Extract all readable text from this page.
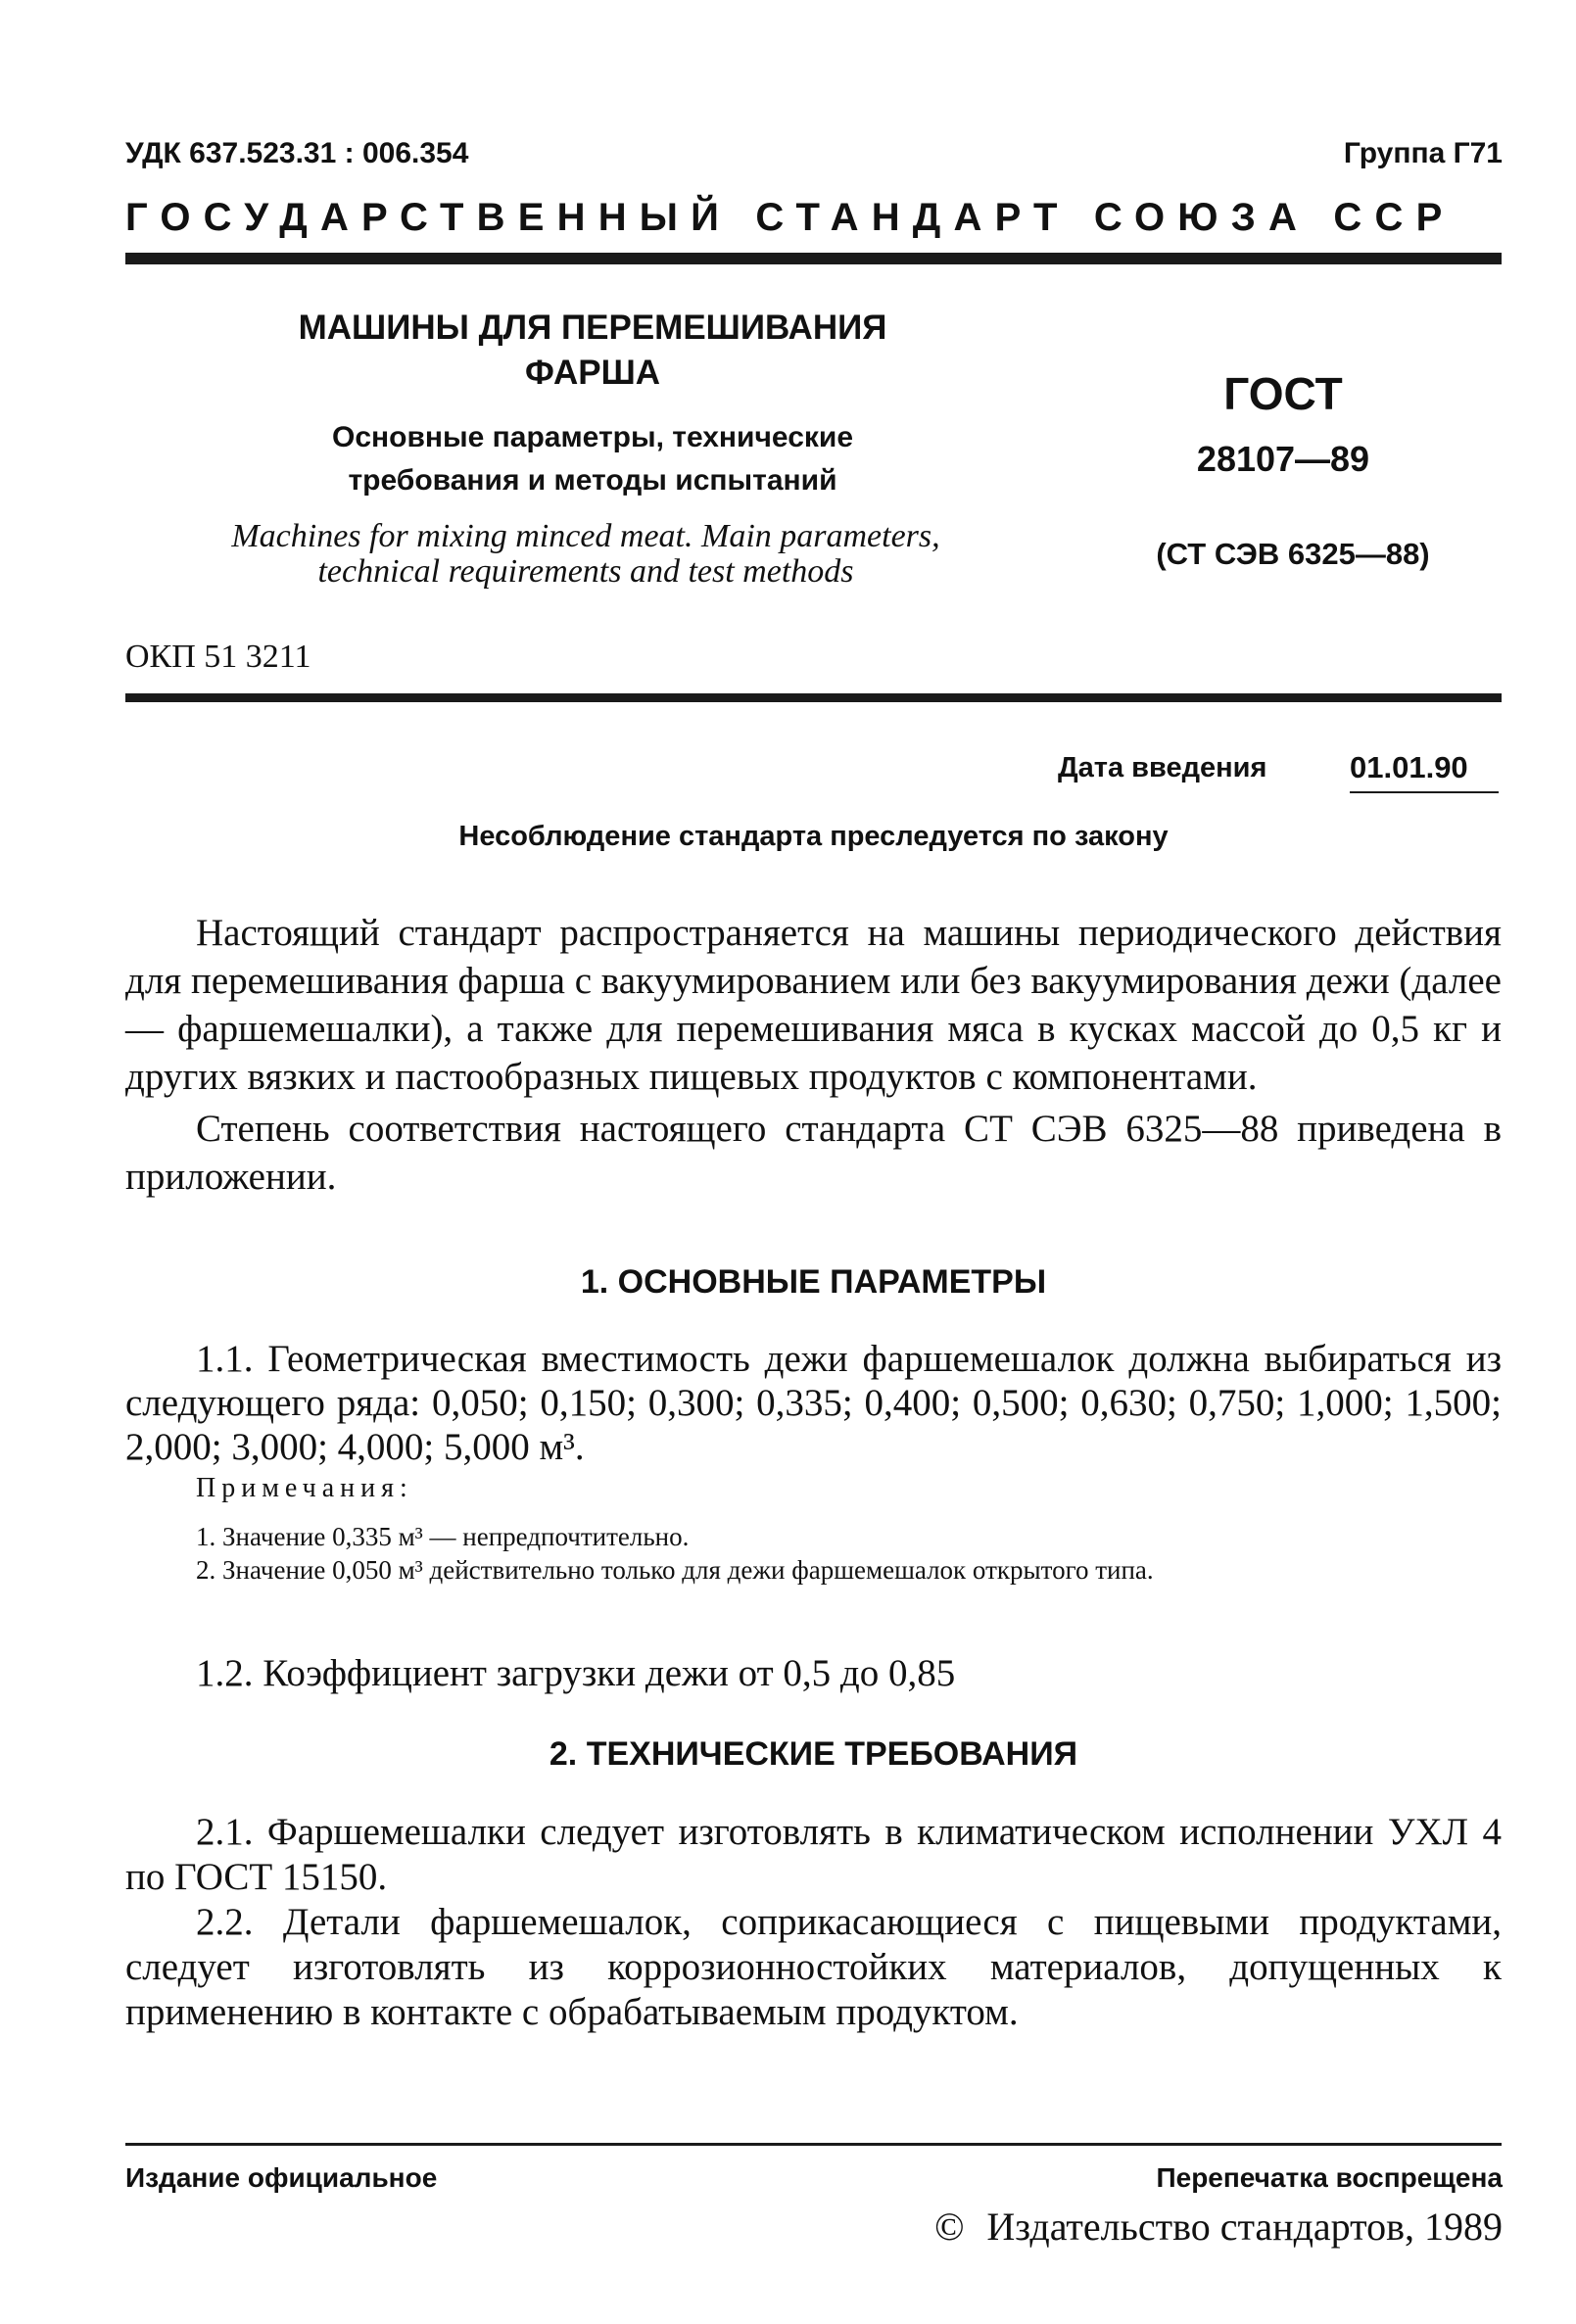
УДК 637.523.31 : 006.354	Группа Г71
ГОСУДАРСТВЕННЫЙ СТАНДАРТ СОЮЗА ССР
МАШИНЫ ДЛЯ ПЕРЕМЕШИВАНИЯ
ФАРША
Основные параметры, технические
требования и методы испытаний
Machines for mixing minced meat. Main parameters,
technical requirements and test methods
ГОСТ
28107—89
(СТ СЭВ 6325—88)
ОКП 51 3211
Дата введения	01.01.90
Несоблюдение стандарта преследуется по закону

Настоящий стандарт распространяется на машины периодического действия для перемешивания фарша с вакуумированием или без вакуумирования дежи (далее — фаршемешалки), а также для перемешивания мяса в кусках массой до 0,5 кг и других вязких и пастообразных пищевых продуктов с компонентами.

Степень соответствия настоящего стандарта СТ СЭВ 6325—88 приведена в приложении.

1. ОСНОВНЫЕ ПАРАМЕТРЫ

1.1. Геометрическая вместимость дежи фаршемешалок должна выбираться из следующего ряда: 0,050; 0,150; 0,300; 0,335; 0,400; 0,500; 0,630; 0,750; 1,000; 1,500; 2,000; 3,000; 4,000; 5,000 м³.

Примечания:
1. Значение 0,335 м³ — непредпочтительно.
2. Значение 0,050 м³ действительно только для дежи фаршемешалок открытого типа.

1.2. Коэффициент загрузки дежи от 0,5 до 0,85

2. ТЕХНИЧЕСКИЕ ТРЕБОВАНИЯ

2.1. Фаршемешалки следует изготовлять в климатическом исполнении УХЛ 4 по ГОСТ 15150.

2.2. Детали фаршемешалок, соприкасающиеся с пищевыми продуктами, следует изготовлять из коррозионностойких материалов, допущенных к применению в контакте с обрабатываемым продуктом.

Издание официальное	Перепечатка воспрещена
© Издательство стандартов, 1989
